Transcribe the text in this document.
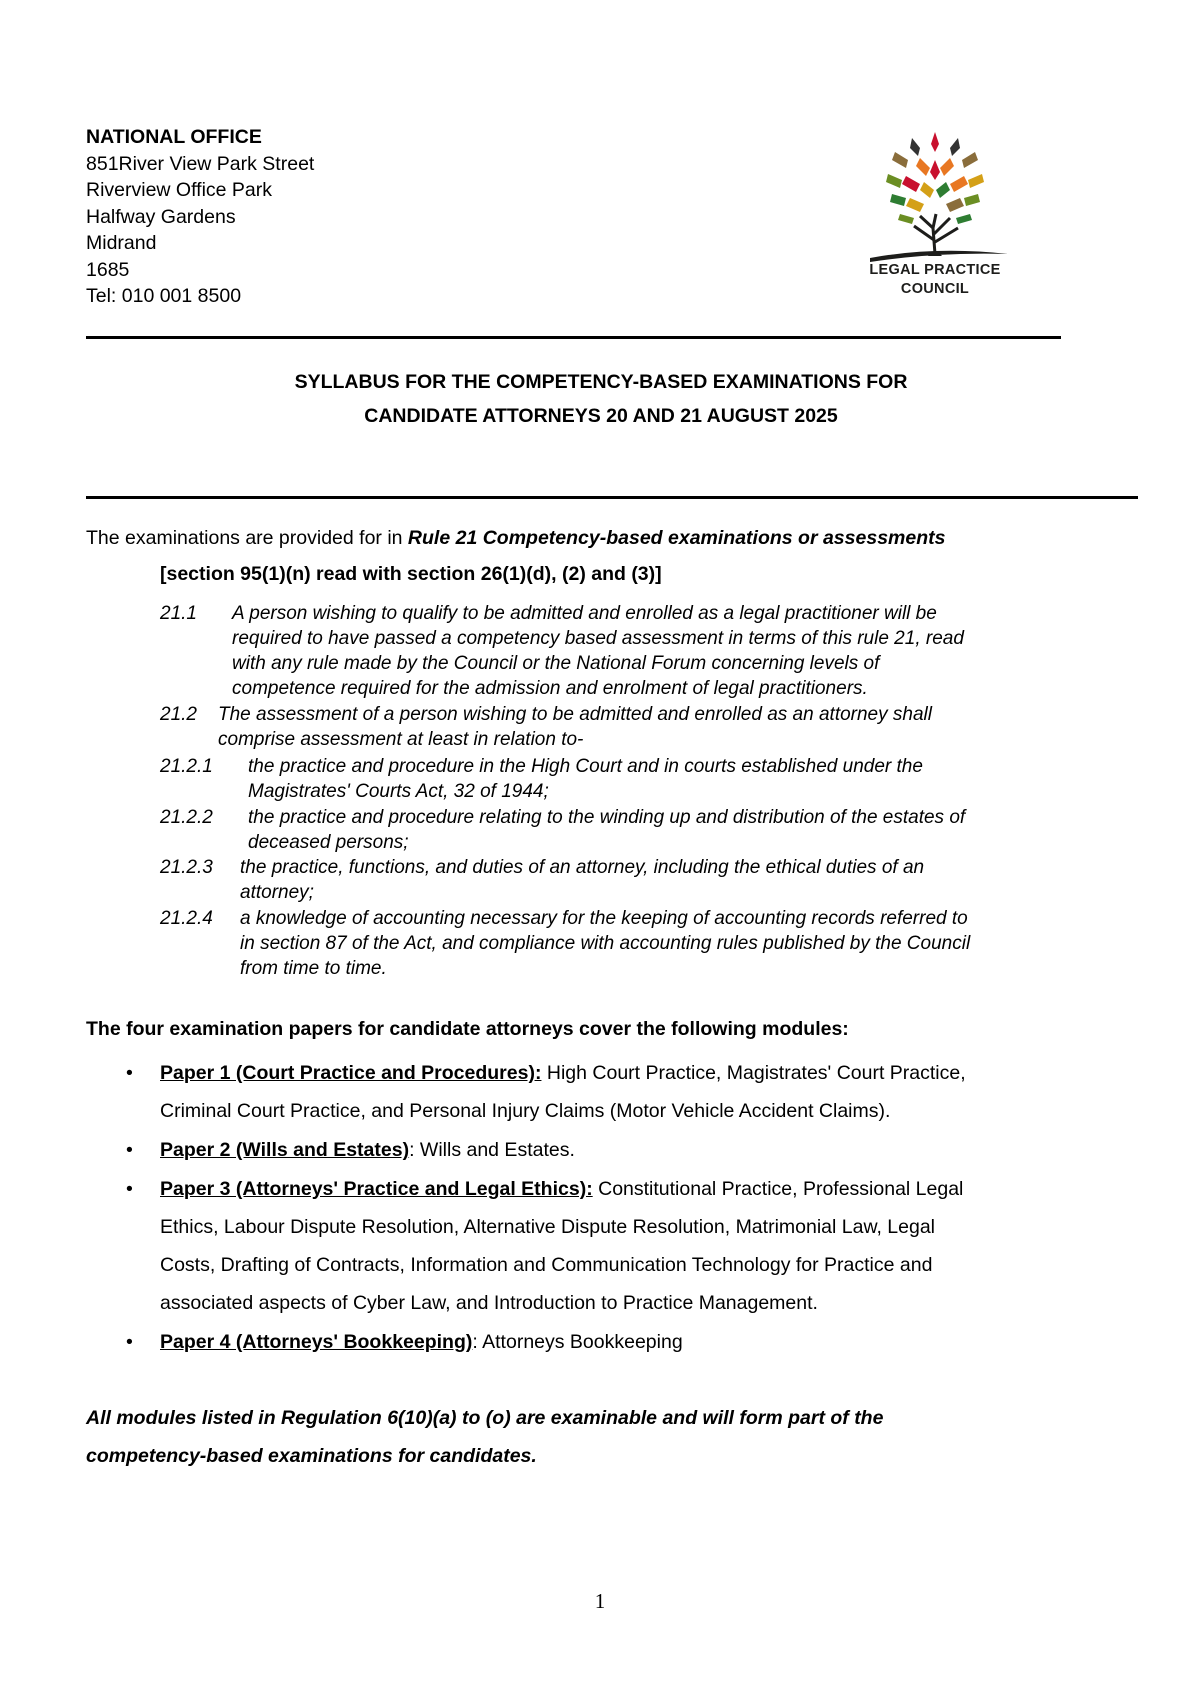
NATIONAL OFFICE
851River View Park Street
Riverview Office Park
Halfway Gardens
Midrand
1685
Tel: 010 001 8500
LEGAL PRACTICE
COUNCIL
SYLLABUS FOR THE COMPETENCY-BASED EXAMINATIONS FOR
CANDIDATE ATTORNEYS 20 AND 21 AUGUST 2025
The examinations are provided for in Rule 21 Competency-based examinations or assessments
[section 95(1)(n) read with section 26(1)(d), (2) and (3)]
21.1 A person wishing to qualify to be admitted and enrolled as a legal practitioner will be
required to have passed a competency based assessment in terms of this rule 21, read
with any rule made by the Council or the National Forum concerning levels of
competence required for the admission and enrolment of legal practitioners.
21.2 The assessment of a person wishing to be admitted and enrolled as an attorney shall
comprise assessment at least in relation to-
21.2.1 the practice and procedure in the High Court and in courts established under the
Magistrates' Courts Act, 32 of 1944;
21.2.2 the practice and procedure relating to the winding up and distribution of the estates of
deceased persons;
21.2.3 the practice, functions, and duties of an attorney, including the ethical duties of an
attorney;
21.2.4 a knowledge of accounting necessary for the keeping of accounting records referred to
in section 87 of the Act, and compliance with accounting rules published by the Council
from time to time.
The four examination papers for candidate attorneys cover the following modules:
• Paper 1 (Court Practice and Procedures): High Court Practice, Magistrates' Court Practice,
Criminal Court Practice, and Personal Injury Claims (Motor Vehicle Accident Claims).
• Paper 2 (Wills and Estates): Wills and Estates.
• Paper 3 (Attorneys' Practice and Legal Ethics): Constitutional Practice, Professional Legal
Ethics, Labour Dispute Resolution, Alternative Dispute Resolution, Matrimonial Law, Legal
Costs, Drafting of Contracts, Information and Communication Technology for Practice and
associated aspects of Cyber Law, and Introduction to Practice Management.
• Paper 4 (Attorneys' Bookkeeping): Attorneys Bookkeeping
All modules listed in Regulation 6(10)(a) to (o) are examinable and will form part of the
competency-based examinations for candidates.
1
